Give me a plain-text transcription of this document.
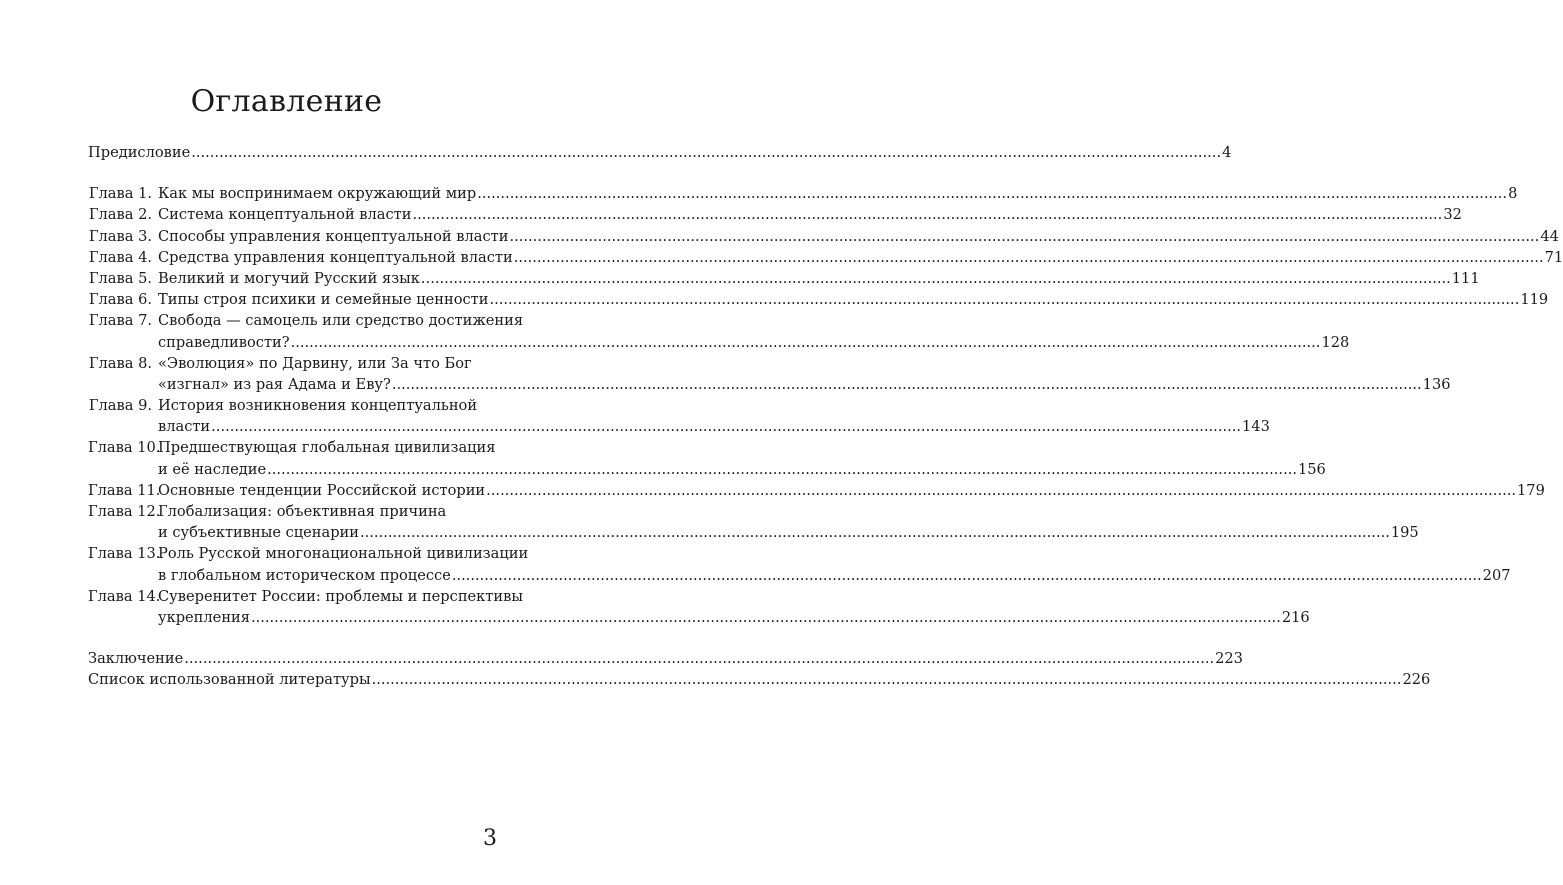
Оглавление
Предисловие .....	4
Глава 1. Как мы воспринимаем окружающий мир .....	8
Глава 2. Система концептуальной власти .....	32
Глава 3. Способы управления концептуальной власти .....	44
Глава 4. Средства управления концептуальной власти .....	71
Глава 5. Великий и могучий Русский язык .....	111
Глава 6. Типы строя психики и семейные ценности .....	119
Глава 7. Свобода — самоцель или средство достижения
справедливости? .....	128
Глава 8. «Эволюция» по Дарвину, или За что Бог
«изгнал» из рая Адама и Еву? .....	136
Глава 9. История возникновения концептуальной
власти .....	143
Глава 10.
Предшествующая глобальная цивилизация
и её наследие .....	156
Глава 11.
Основные тенденции Российской истории .....	179
Глава 12.
Глобализация: объективная причина
и субъективные сценарии .....	195
Глава 13.
Роль Русской многонациональной цивилизации
в глобальном историческом процессе .....	207
Глава 14.
Суверенитет России: проблемы и перспективы
укрепления .....	216
Заключение .....	223
Список использованной литературы .....	226
3
